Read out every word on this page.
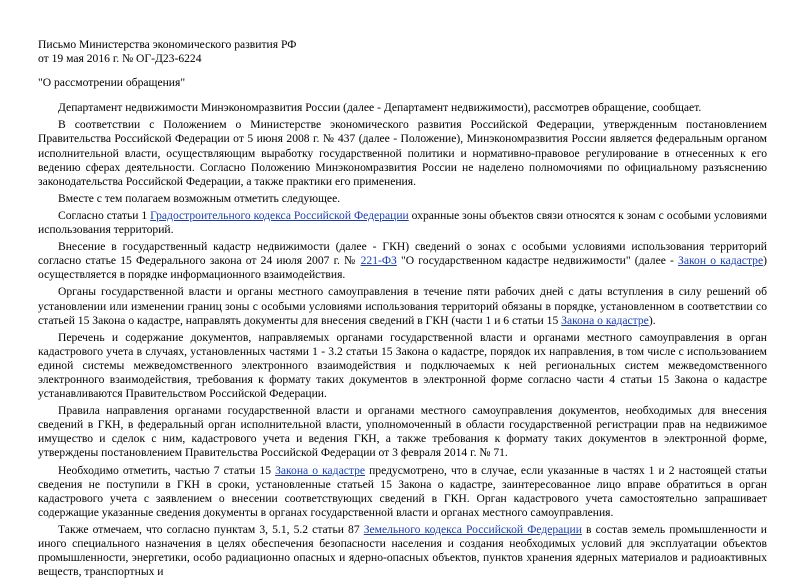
Письмо Министерства экономического развития РФ
от 19 мая 2016 г. № ОГ-Д23-6224
"О рассмотрении обращения"

Департамент недвижимости Минэкономразвития России (далее - Департамент недвижимости), рассмотрев обращение, сообщает.

В соответствии с Положением о Министерстве экономического развития Российской Федерации, утвержденным постановлением Правительства Российской Федерации от 5 июня 2008 г. № 437 (далее - Положение), Минэкономразвития России является федеральным органом исполнительной власти, осуществляющим выработку государственной политики и нормативно-правовое регулирование в отнесенных к его ведению сферах деятельности. Согласно Положению Минэкономразвития России не наделено полномочиями по официальному разъяснению законодательства Российской Федерации, а также практики его применения.

Вместе с тем полагаем возможным отметить следующее.

Согласно статьи 1 Градостроительного кодекса Российской Федерации охранные зоны объектов связи относятся к зонам с особыми условиями использования территорий.

Внесение в государственный кадастр недвижимости (далее - ГКН) сведений о зонах с особыми условиями использования территорий согласно статье 15 Федерального закона от 24 июля 2007 г. № 221-ФЗ "О государственном кадастре недвижимости" (далее - Закон о кадастре) осуществляется в порядке информационного взаимодействия.

Органы государственной власти и органы местного самоуправления в течение пяти рабочих дней с даты вступления в силу решений об установлении или изменении границ зоны с особыми условиями использования территорий обязаны в порядке, установленном в соответствии со статьей 15 Закона о кадастре, направлять документы для внесения сведений в ГКН (части 1 и 6 статьи 15 Закона о кадастре).

Перечень и содержание документов, направляемых органами государственной власти и органами местного самоуправления в орган кадастрового учета в случаях, установленных частями 1 - 3.2 статьи 15 Закона о кадастре, порядок их направления, в том числе с использованием единой системы межведомственного электронного взаимодействия и подключаемых к ней региональных систем межведомственного электронного взаимодействия, требования к формату таких документов в электронной форме согласно части 4 статьи 15 Закона о кадастре устанавливаются Правительством Российской Федерации.

Правила направления органами государственной власти и органами местного самоуправления документов, необходимых для внесения сведений в ГКН, в федеральный орган исполнительной власти, уполномоченный в области государственной регистрации прав на недвижимое имущество и сделок с ним, кадастрового учета и ведения ГКН, а также требования к формату таких документов в электронной форме, утверждены постановлением Правительства Российской Федерации от 3 февраля 2014 г. № 71.

Необходимо отметить, частью 7 статьи 15 Закона о кадастре предусмотрено, что в случае, если указанные в частях 1 и 2 настоящей статьи сведения не поступили в ГКН в сроки, установленные статьей 15 Закона о кадастре, заинтересованное лицо вправе обратиться в орган кадастрового учета с заявлением о внесении соответствующих сведений в ГКН. Орган кадастрового учета самостоятельно запрашивает содержащие указанные сведения документы в органах государственной власти и органах местного самоуправления.

Также отмечаем, что согласно пунктам 3, 5.1, 5.2 статьи 87 Земельного кодекса Российской Федерации в состав земель промышленности и иного специального назначения в целях обеспечения безопасности населения и создания необходимых условий для эксплуатации объектов промышленности, энергетики, особо радиационно опасных и ядерно-опасных объектов, пунктов хранения ядерных материалов и радиоактивных веществ, транспортных и
